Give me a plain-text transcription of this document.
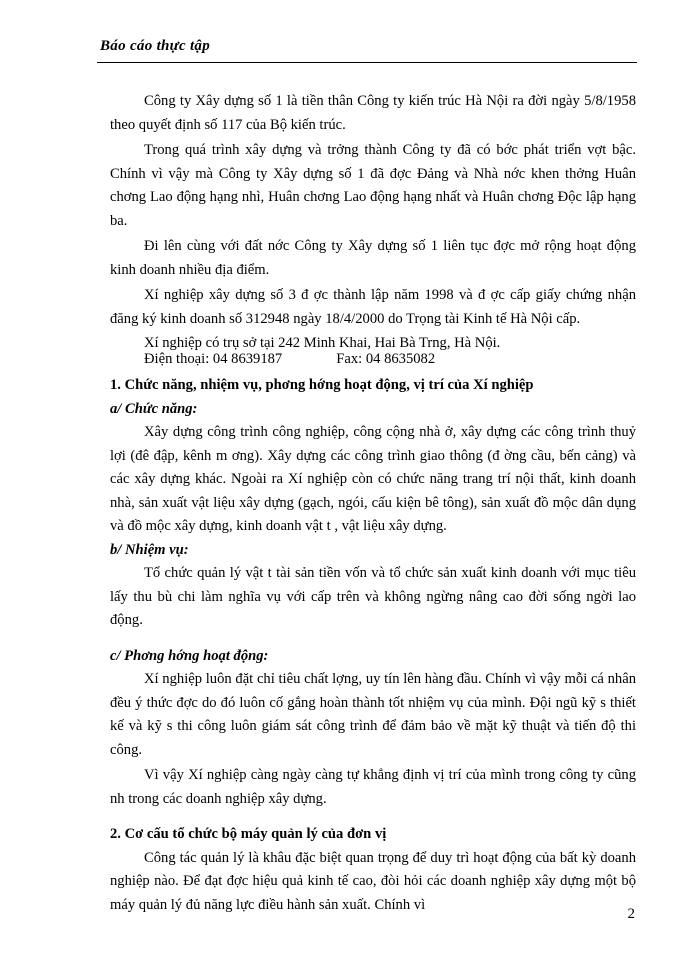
Báo cáo thực tập

Công ty Xây dựng số 1 là tiền thân Công ty kiến trúc Hà Nội ra đời ngày 5/8/1958 theo quyết định số 117 của Bộ kiến trúc.

Trong quá trình xây dựng và trởng thành Công ty đã có bớc phát triển vợt bậc. Chính vì vậy mà Công ty Xây dựng số 1 đã đợc Đảng và Nhà nớc khen thởng Huân chơng Lao động hạng nhì, Huân chơng Lao động hạng nhất và Huân chơng Độc lập hạng ba.

Đi lên cùng với đất nớc Công ty Xây dựng số 1 liên tục đợc mở rộng hoạt động kinh doanh nhiều địa điểm.

Xí nghiệp xây dựng số 3 đ ợc thành lập năm 1998 và đ ợc cấp giấy chứng nhận đăng ký kinh doanh số 312948 ngày 18/4/2000 do Trọng tài Kinh tế Hà Nội cấp.

Xí nghiệp có trụ sở tại 242 Minh Khai, Hai Bà Trng, Hà Nội.
Điện thoại: 04 8639187	Fax: 04 8635082

1. Chức năng, nhiệm vụ, phơng hớng hoạt động, vị trí của Xí nghiệp

a/ Chức năng:

Xây dựng công trình công nghiệp, công cộng nhà ở, xây dựng các công trình thuỷ lợi (đê đập, kênh m ơng). Xây dựng các công trình giao thông (đ ờng cầu, bến cảng) và các xây dựng khác. Ngoài ra Xí nghiệp còn có chức năng trang trí nội thất, kinh doanh nhà, sản xuất vật liệu xây dựng (gạch, ngói, cấu kiện bê tông), sản xuất đồ mộc dân dụng và đồ mộc xây dựng, kinh doanh vật t , vật liệu xây dựng.

b/ Nhiệm vụ:

Tổ chức quản lý vật t tài sản tiền vốn và tổ chức sản xuất kinh doanh với mục tiêu lấy thu bù chi làm nghĩa vụ với cấp trên và không ngừng nâng cao đời sống ngời lao động.

c/ Phơng hớng hoạt động:

Xí nghiệp luôn đặt chỉ tiêu chất lợng, uy tín lên hàng đầu. Chính vì vậy mỗi cá nhân đều ý thức đợc do đó luôn cố gắng hoàn thành tốt nhiệm vụ của mình. Đội ngũ kỹ s thiết kế và kỹ s thi công luôn giám sát công trình để đảm bảo về mặt kỹ thuật và tiến độ thi công.

Vì vậy Xí nghiệp càng ngày càng tự khẳng định vị trí của mình trong công ty cũng nh trong các doanh nghiệp xây dựng.

2. Cơ cấu tổ chức bộ máy quản lý của đơn vị

Công tác quản lý là khâu đặc biệt quan trọng để duy trì hoạt động của bất kỳ doanh nghiệp nào. Để đạt đợc hiệu quả kinh tế cao, đòi hỏi các doanh nghiệp xây dựng một bộ máy quản lý đủ năng lực điều hành sản xuất. Chính vì

2
